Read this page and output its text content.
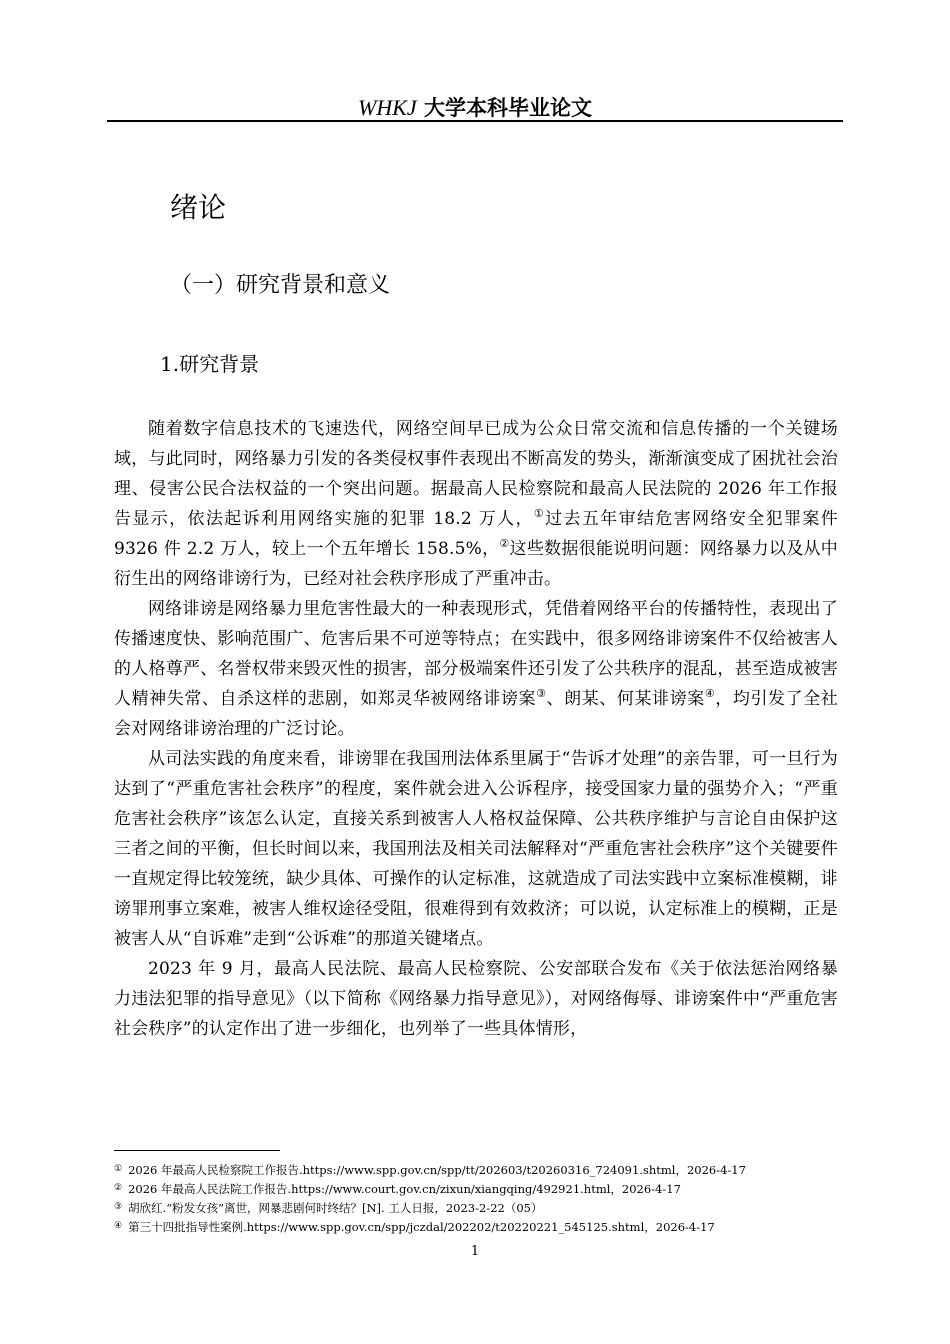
WHKJ 大学本科毕业论文
绪论
（一）研究背景和意义
1.研究背景

随着数字信息技术的飞速迭代，网络空间早已成为公众日常交流和信息传播的一个关键场域，与此同时，网络暴力引发的各类侵权事件表现出不断高发的势头，渐渐演变成了困扰社会治理、侵害公民合法权益的一个突出问题。据最高人民检察院和最高人民法院的 2026 年工作报告显示，依法起诉利用网络实施的犯罪 18.2 万人，①过去五年审结危害网络安全犯罪案件 9326 件 2.2 万人，较上一个五年增长 158.5%，②这些数据很能说明问题：网络暴力以及从中衍生出的网络诽谤行为，已经对社会秩序形成了严重冲击。

网络诽谤是网络暴力里危害性最大的一种表现形式，凭借着网络平台的传播特性，表现出了传播速度快、影响范围广、危害后果不可逆等特点；在实践中，很多网络诽谤案件不仅给被害人的人格尊严、名誉权带来毁灭性的损害，部分极端案件还引发了公共秩序的混乱，甚至造成被害人精神失常、自杀这样的悲剧，如郑灵华被网络诽谤案③、朗某、何某诽谤案④，均引发了全社会对网络诽谤治理的广泛讨论。

从司法实践的角度来看，诽谤罪在我国刑法体系里属于“告诉才处理”的亲告罪，可一旦行为达到了“严重危害社会秩序”的程度，案件就会进入公诉程序，接受国家力量的强势介入；“严重危害社会秩序”该怎么认定，直接关系到被害人人格权益保障、公共秩序维护与言论自由保护这三者之间的平衡，但长时间以来，我国刑法及相关司法解释对“严重危害社会秩序”这个关键要件一直规定得比较笼统，缺少具体、可操作的认定标准，这就造成了司法实践中立案标准模糊，诽谤罪刑事立案难，被害人维权途径受阻，很难得到有效救济；可以说，认定标准上的模糊，正是被害人从“自诉难”走到“公诉难”的那道关键堵点。

2023 年 9 月，最高人民法院、最高人民检察院、公安部联合发布《关于依法惩治网络暴力违法犯罪的指导意见》（以下简称《网络暴力指导意见》），对网络侮辱、诽谤案件中“严重危害社会秩序”的认定作出了进一步细化，也列举了一些具体情形，

① 2026 年最高人民检察院工作报告.https://www.spp.gov.cn/spp/tt/202603/t20260316_724091.shtml，2026-4-17
② 2026 年最高人民法院工作报告.https://www.court.gov.cn/zixun/xiangqing/492921.html，2026-4-17
③ 胡欣红.“粉发女孩”离世，网暴悲剧何时终结？[N]. 工人日报，2023-2-22（05）
④ 第三十四批指导性案例.https://www.spp.gov.cn/spp/jczdal/202202/t20220221_545125.shtml，2026-4-17
1
